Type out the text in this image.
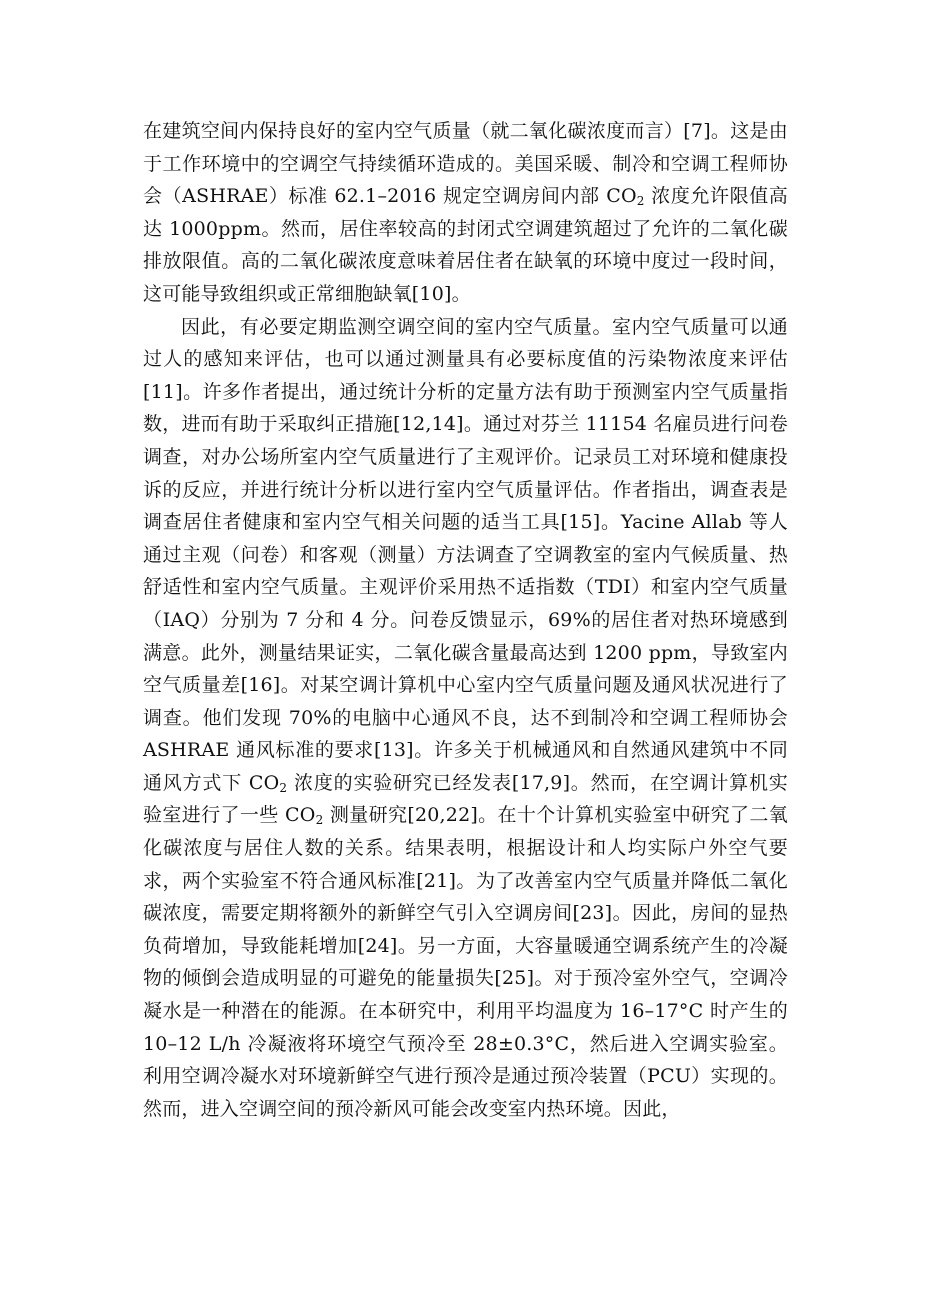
在建筑空间内保持良好的室内空气质量（就二氧化碳浓度而言）[7]。这是由于工作环境中的空调空气持续循环造成的。美国采暖、制冷和空调工程师协会（ASHRAE）标准 62.1–2016 规定空调房间内部 $CO_2$ 浓度允许限值高达 1000ppm。然而，居住率较高的封闭式空调建筑超过了允许的二氧化碳排放限值。高的二氧化碳浓度意味着居住者在缺氧的环境中度过一段时间，这可能导致组织或正常细胞缺氧[10]。

因此，有必要定期监测空调空间的室内空气质量。室内空气质量可以通过人的感知来评估，也可以通过测量具有必要标度值的污染物浓度来评估[11]。许多作者提出，通过统计分析的定量方法有助于预测室内空气质量指数，进而有助于采取纠正措施[12,14]。通过对芬兰 11154 名雇员进行问卷调查，对办公场所室内空气质量进行了主观评价。记录员工对环境和健康投诉的反应，并进行统计分析以进行室内空气质量评估。作者指出，调查表是调查居住者健康和室内空气相关问题的适当工具[15]。Yacine Allab 等人通过主观（问卷）和客观（测量）方法调查了空调教室的室内气候质量、热舒适性和室内空气质量。主观评价采用热不适指数（TDI）和室内空气质量（IAQ）分别为 7 分和 4 分。问卷反馈显示，69%的居住者对热环境感到满意。此外，测量结果证实，二氧化碳含量最高达到 1200 ppm，导致室内空气质量差[16]。对某空调计算机中心室内空气质量问题及通风状况进行了调查。他们发现 70%的电脑中心通风不良，达不到制冷和空调工程师协会 ASHRAE 通风标准的要求[13]。许多关于机械通风和自然通风建筑中不同通风方式下 $CO_2$ 浓度的实验研究已经发表[17,9]。然而，在空调计算机实验室进行了一些 $CO_2$ 测量研究[20,22]。在十个计算机实验室中研究了二氧化碳浓度与居住人数的关系。结果表明，根据设计和人均实际户外空气要求，两个实验室不符合通风标准[21]。为了改善室内空气质量并降低二氧化碳浓度，需要定期将额外的新鲜空气引入空调房间[23]。因此，房间的显热负荷增加，导致能耗增加[24]。另一方面，大容量暖通空调系统产生的冷凝物的倾倒会造成明显的可避免的能量损失[25]。对于预冷室外空气，空调冷凝水是一种潜在的能源。在本研究中，利用平均温度为 16–17°C 时产生的 10–12 L/h 冷凝液将环境空气预冷至 28±0.3°C，然后进入空调实验室。利用空调冷凝水对环境新鲜空气进行预冷是通过预冷装置（PCU）实现的。然而，进入空调空间的预冷新风可能会改变室内热环境。因此，
